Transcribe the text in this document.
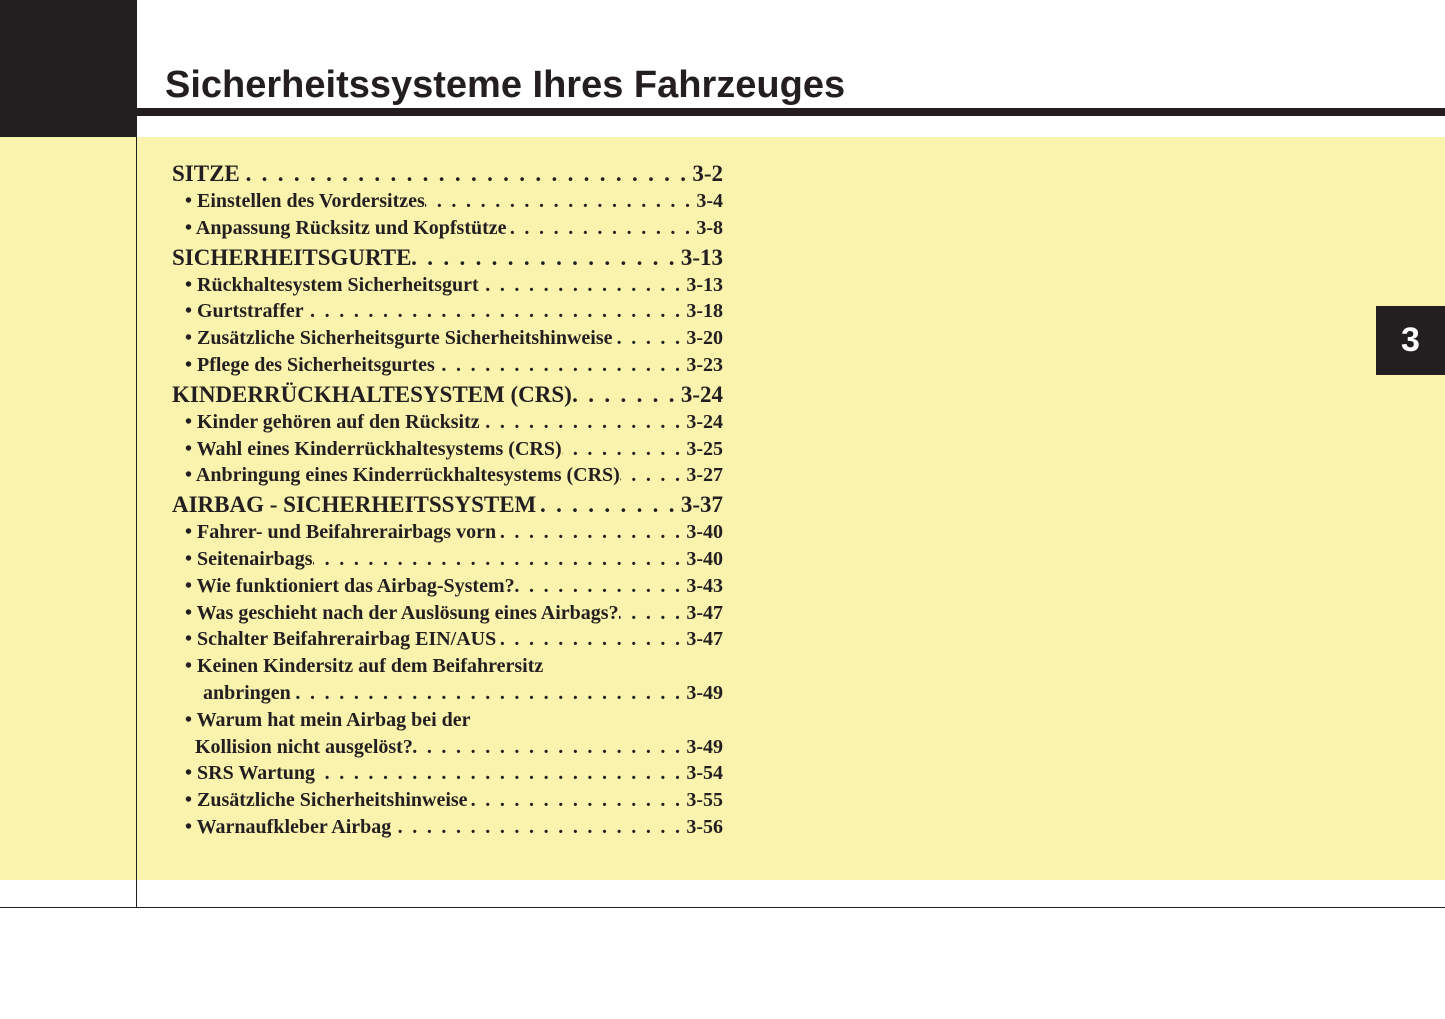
Sicherheitssysteme Ihres Fahrzeuges
3
SITZE . . .	3-2
• Einstellen des Vordersitzes . . .	3-4
• Anpassung Rücksitz und Kopfstütze . . .	3-8
SICHERHEITSGURTE . . .	3-13
• Rückhaltesystem Sicherheitsgurt . . .	3-13
• Gurtstraffer . . .	3-18
• Zusätzliche Sicherheitsgurte Sicherheitshinweise . . .	3-20
• Pflege des Sicherheitsgurtes . . .	3-23
KINDERRÜCKHALTESYSTEM (CRS) . . .	3-24
• Kinder gehören auf den Rücksitz . . .	3-24
• Wahl eines Kinderrückhaltesystems (CRS) . . .	3-25
• Anbringung eines Kinderrückhaltesystems (CRS) . . .	3-27
AIRBAG - SICHERHEITSSYSTEM . . .	3-37
• Fahrer- und Beifahrerairbags vorn . . .	3-40
• Seitenairbags . . .	3-40
• Wie funktioniert das Airbag-System? . . .	3-43
• Was geschieht nach der Auslösung eines Airbags? . . .	3-47
• Schalter Beifahrerairbag EIN/AUS . . .	3-47
• Keinen Kindersitz auf dem Beifahrersitz
anbringen . . .	3-49
• Warum hat mein Airbag bei der
Kollision nicht ausgelöst? . . .	3-49
• SRS Wartung . . .	3-54
• Zusätzliche Sicherheitshinweise . . .	3-55
• Warnaufkleber Airbag . . .	3-56
